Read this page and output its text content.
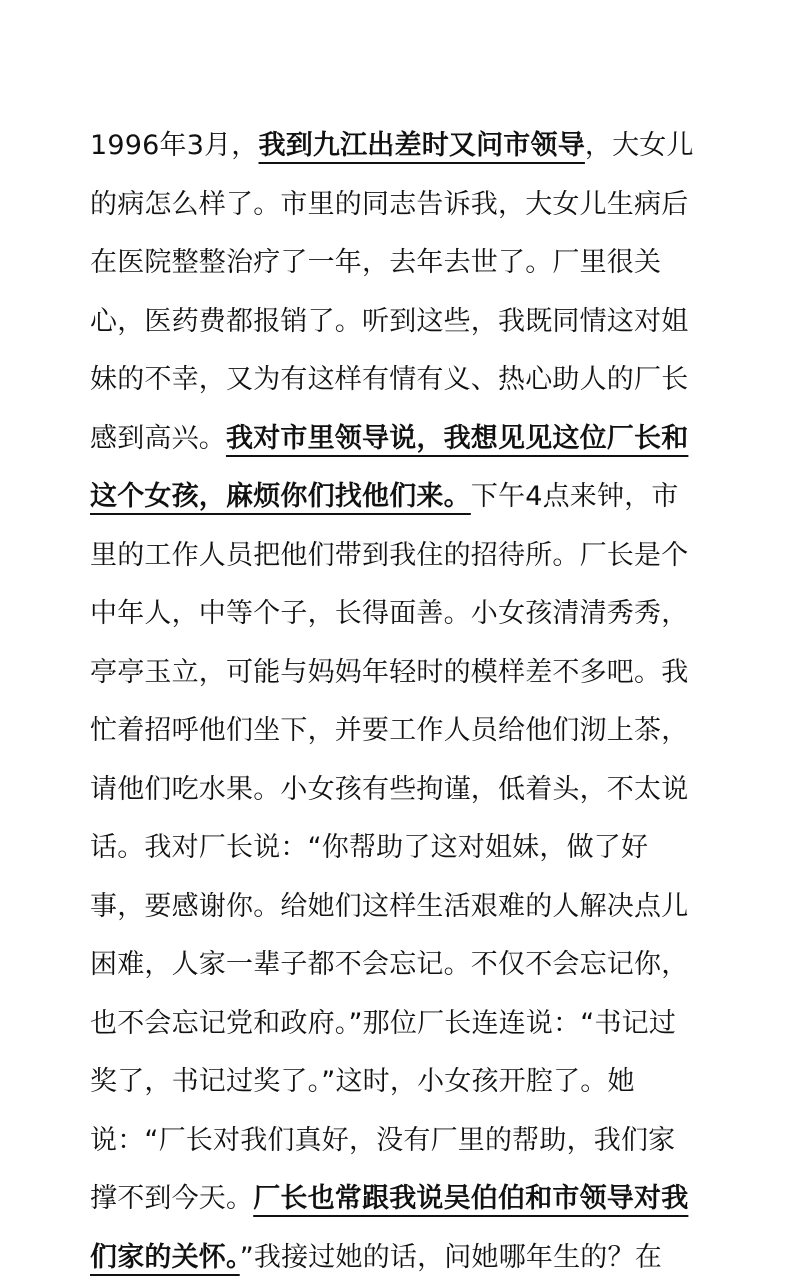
1996年3月，我到九江出差时又问市领导，大女儿
的病怎么样了。市里的同志告诉我，大女儿生病后
在医院整整治疗了一年，去年去世了。厂里很关
心，医药费都报销了。听到这些，我既同情这对姐
妹的不幸，又为有这样有情有义、热心助人的厂长
感到高兴。我对市里领导说，我想见见这位厂长和
这个女孩，麻烦你们找他们来。下午4点来钟，市
里的工作人员把他们带到我住的招待所。厂长是个
中年人，中等个子，长得面善。小女孩清清秀秀，
亭亭玉立，可能与妈妈年轻时的模样差不多吧。我
忙着招呼他们坐下，并要工作人员给他们沏上茶，
请他们吃水果。小女孩有些拘谨，低着头，不太说
话。我对厂长说：“你帮助了这对姐妹，做了好
事，要感谢你。给她们这样生活艰难的人解决点儿
困难，人家一辈子都不会忘记。不仅不会忘记你，
也不会忘记党和政府。”那位厂长连连说：“书记过
奖了，书记过奖了。”这时，小女孩开腔了。她
说：“厂长对我们真好，没有厂里的帮助，我们家
撑不到今天。厂长也常跟我说吴伯伯和市领导对我
们家的关怀。”我接过她的话，问她哪年生的？在
